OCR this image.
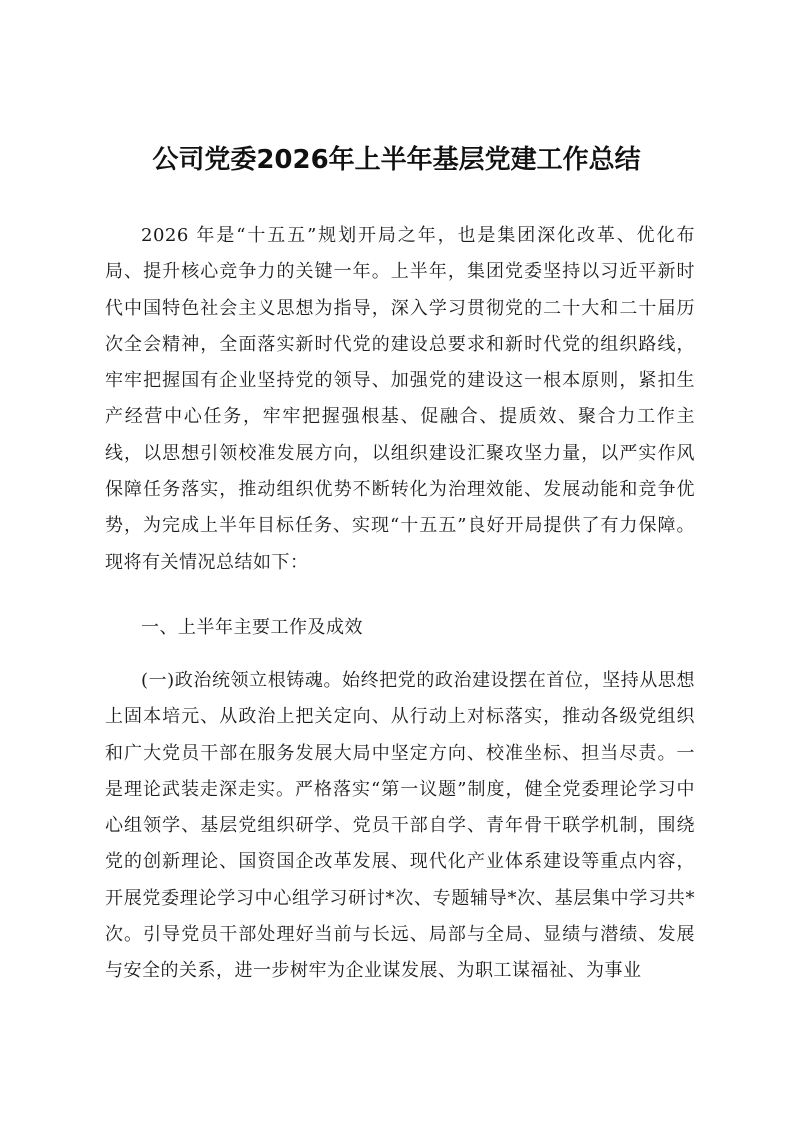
公司党委2026年上半年基层党建工作总结

2026 年是“十五五”规划开局之年，也是集团深化改革、优化布局、提升核心竞争力的关键一年。上半年，集团党委坚持以习近平新时代中国特色社会主义思想为指导，深入学习贯彻党的二十大和二十届历次全会精神，全面落实新时代党的建设总要求和新时代党的组织路线，牢牢把握国有企业坚持党的领导、加强党的建设这一根本原则，紧扣生产经营中心任务，牢牢把握强根基、促融合、提质效、聚合力工作主线，以思想引领校准发展方向，以组织建设汇聚攻坚力量，以严实作风保障任务落实，推动组织优势不断转化为治理效能、发展动能和竞争优势，为完成上半年目标任务、实现“十五五”良好开局提供了有力保障。现将有关情况总结如下：

一、上半年主要工作及成效

(一)政治统领立根铸魂。始终把党的政治建设摆在首位，坚持从思想上固本培元、从政治上把关定向、从行动上对标落实，推动各级党组织和广大党员干部在服务发展大局中坚定方向、校准坐标、担当尽责。一是理论武装走深走实。严格落实“第一议题”制度，健全党委理论学习中心组领学、基层党组织研学、党员干部自学、青年骨干联学机制，围绕党的创新理论、国资国企改革发展、现代化产业体系建设等重点内容，开展党委理论学习中心组学习研讨*次、专题辅导*次、基层集中学习共*次。引导党员干部处理好当前与长远、局部与全局、显绩与潜绩、发展与安全的关系，进一步树牢为企业谋发展、为职工谋福祉、为事业
